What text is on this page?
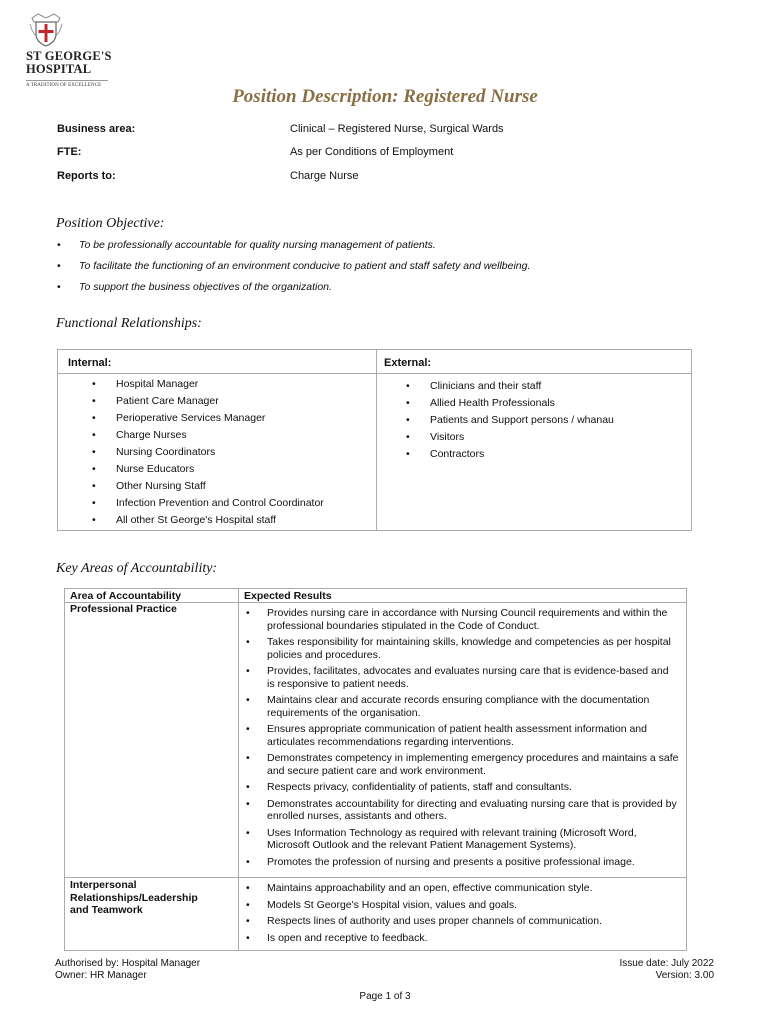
ST GEORGE'S
HOSPITAL
A TRADITION OF EXCELLENCE
Position Description: Registered Nurse
Business area:	Clinical – Registered Nurse, Surgical Wards
FTE:	As per Conditions of Employment
Reports to:	Charge Nurse
Position Objective:
• To be professionally accountable for quality nursing management of patients.
• To facilitate the functioning of an environment conducive to patient and staff safety and wellbeing.
• To support the business objectives of the organization.
Functional Relationships:
Internal:	External:
• Hospital Manager
• Patient Care Manager
• Perioperative Services Manager
• Charge Nurses
• Nursing Coordinators
• Nurse Educators
• Other Nursing Staff
• Infection Prevention and Control Coordinator
• All other St George's Hospital staff
• Clinicians and their staff
• Allied Health Professionals
• Patients and Support persons / whanau
• Visitors
• Contractors
Key Areas of Accountability:
Area of Accountability	Expected Results
Professional Practice
•	Provides nursing care in accordance with Nursing Council requirements and within the professional boundaries stipulated in the Code of Conduct.
• Takes responsibility for maintaining skills, knowledge and competencies as per hospital policies and procedures.
• Provides, facilitates, advocates and evaluates nursing care that is evidence-based and is responsive to patient needs.
• Maintains clear and accurate records ensuring compliance with the documentation requirements of the organisation.
• Ensures appropriate communication of patient health assessment information and articulates recommendations regarding interventions.
• Demonstrates competency in implementing emergency procedures and maintains a safe and secure patient care and work environment.
• Respects privacy, confidentiality of patients, staff and consultants.
• Demonstrates accountability for directing and evaluating nursing care that is provided by enrolled nurses, assistants and others.
• Uses Information Technology as required with relevant training (Microsoft Word, Microsoft Outlook and the relevant Patient Management Systems).
• Promotes the profession of nursing and presents a positive professional image.
Interpersonal
Relationships/Leadership
and Teamwork
• Maintains approachability and an open, effective communication style.
• Models St George's Hospital vision, values and goals.
• Respects lines of authority and uses proper channels of communication.
• Is open and receptive to feedback.
Authorised by: Hospital Manager
Owner: HR Manager
Issue date: July 2022
Version: 3.00
Page 1 of 3
